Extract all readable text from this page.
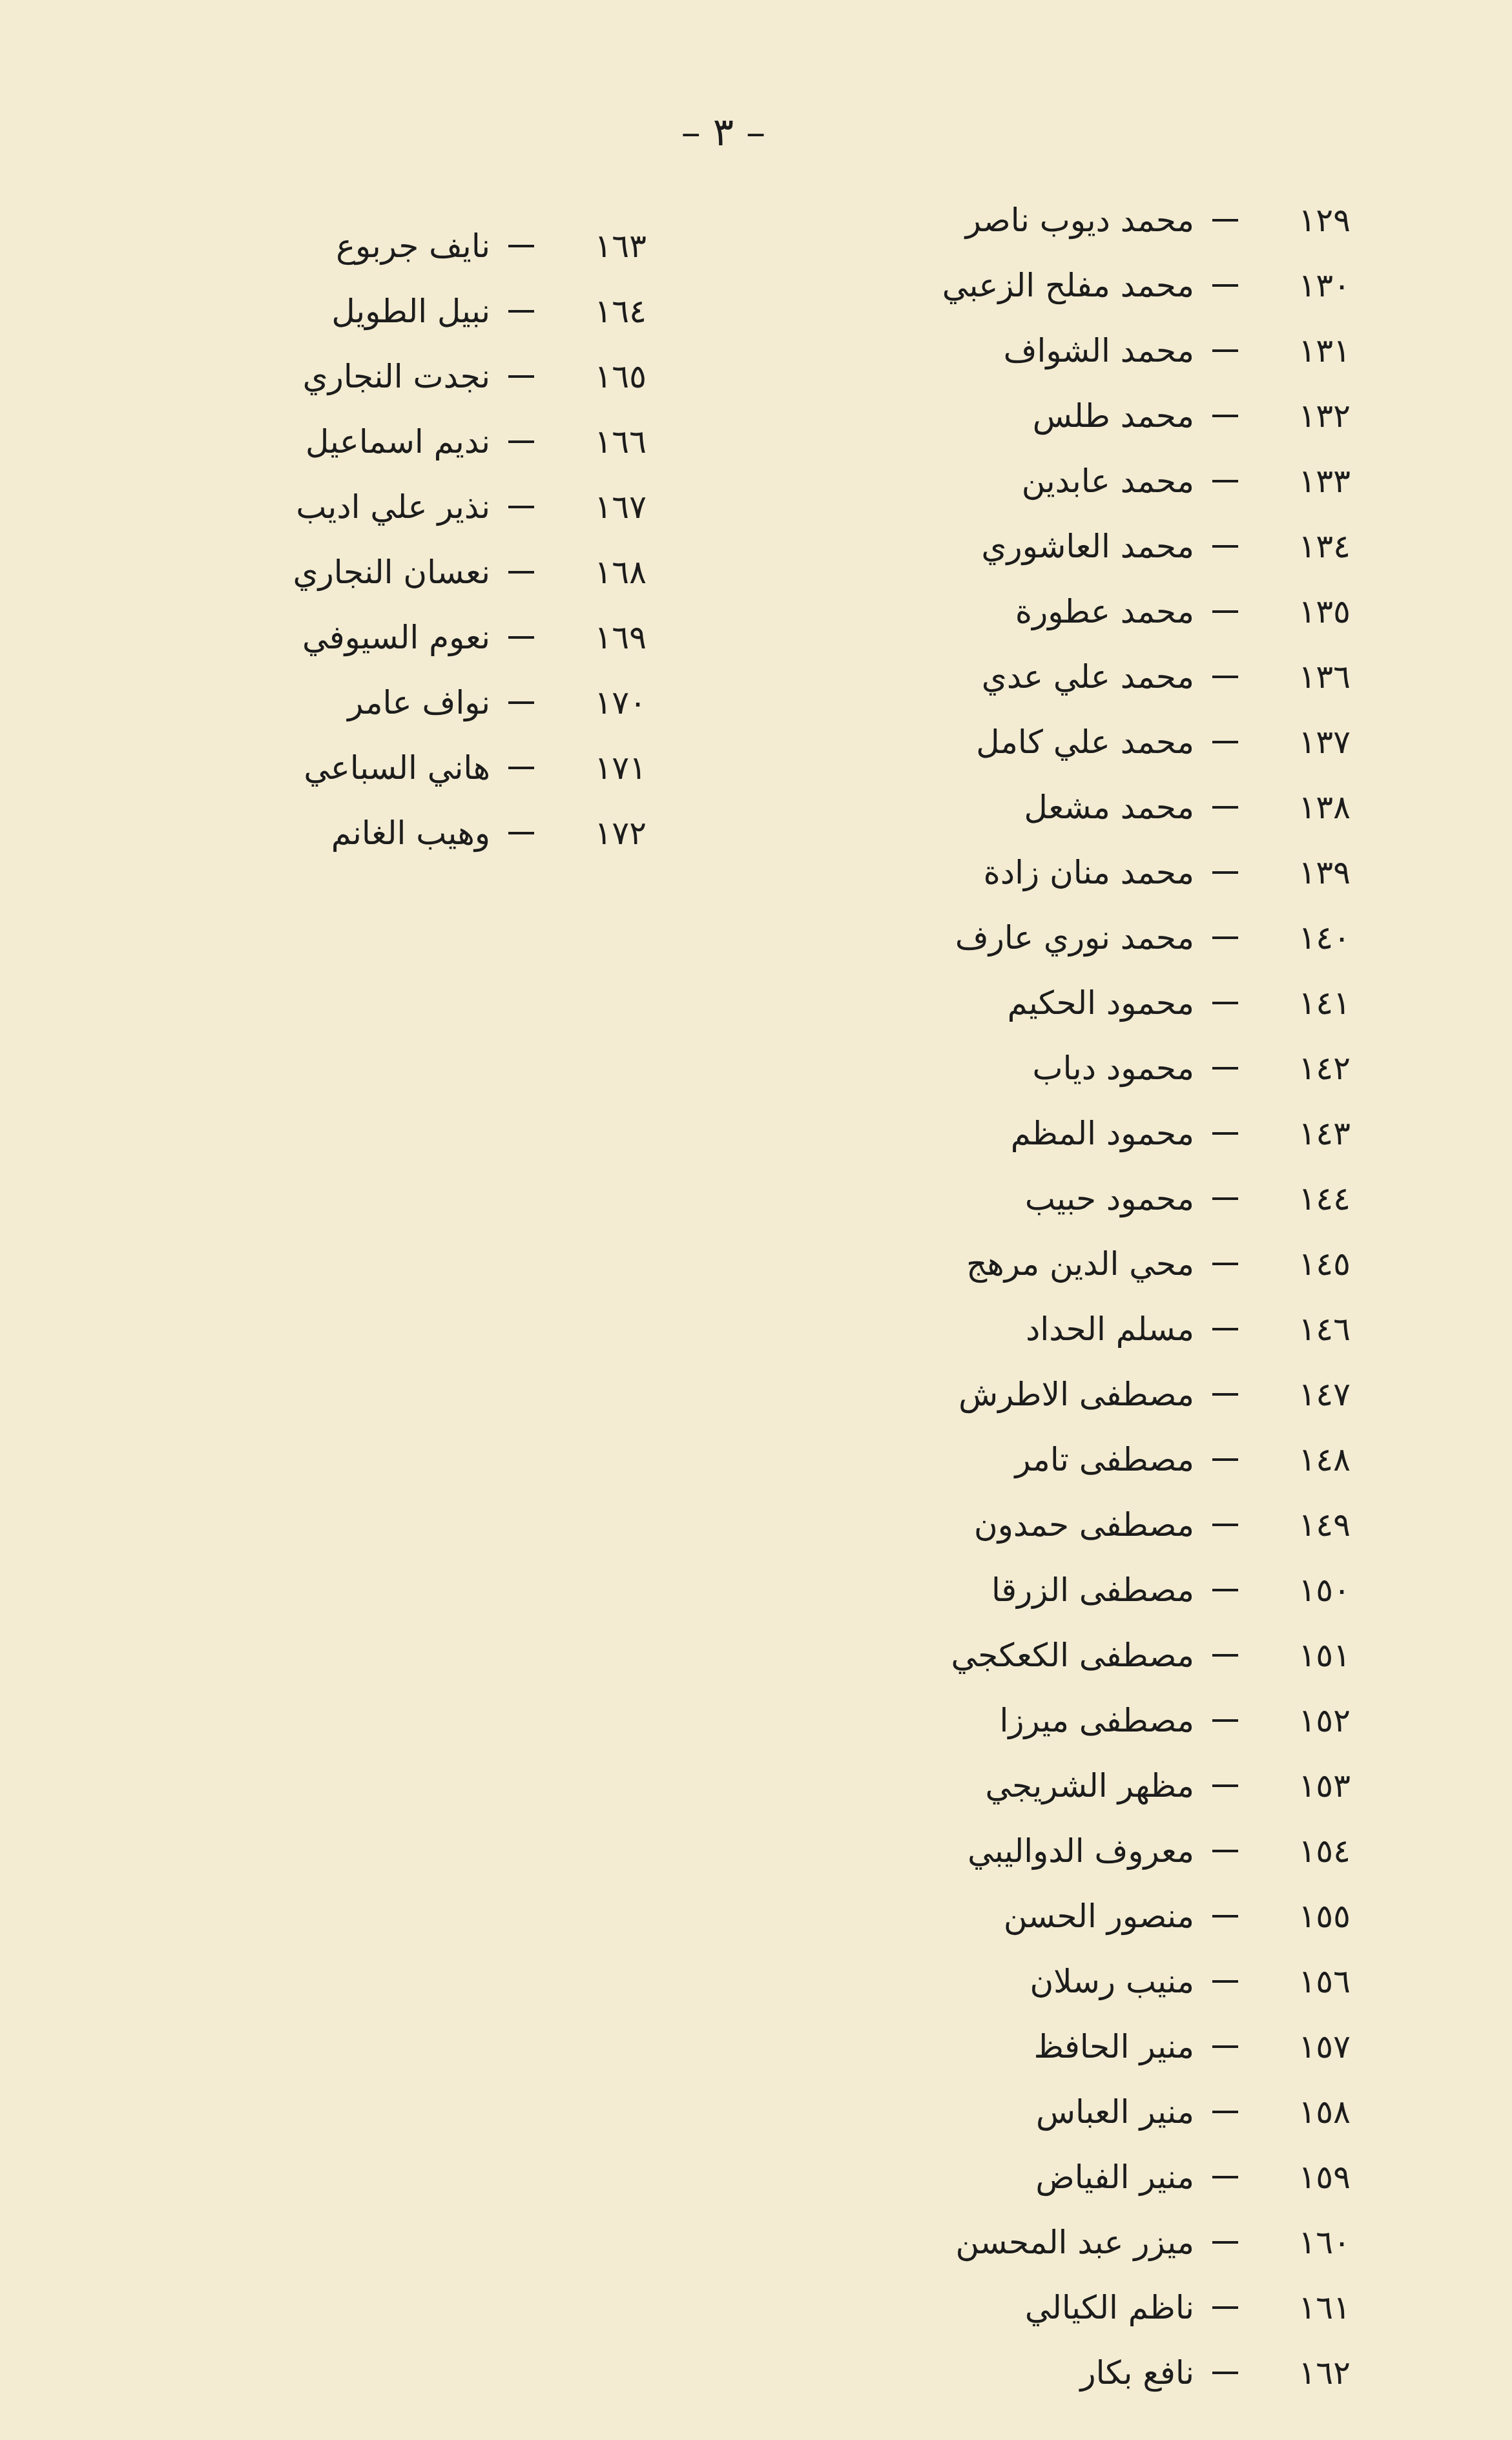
– ٣ –
١٢٩
محمد ديوب ناصر
١٣٠
محمد مفلح الزعبي
١٣١
محمد الشواف
١٣٢
محمد طلس
١٣٣
محمد عابدين
١٣٤
محمد العاشوري
١٣٥
محمد عطورة
١٣٦
محمد علي عدي
١٣٧
محمد علي كامل
١٣٨
محمد مشعل
١٣٩
محمد منان زادة
١٤٠
محمد نوري عارف
١٤١
محمود الحكيم
١٤٢
محمود دياب
١٤٣
محمود المظم
١٤٤
محمود حبيب
١٤٥
محي الدين مرهج
١٤٦
مسلم الحداد
١٤٧
مصطفى الاطرش
١٤٨
مصطفى تامر
١٤٩
مصطفى حمدون
١٥٠
مصطفى الزرقا
١٥١
مصطفى الكعكجي
١٥٢
مصطفى ميرزا
١٥٣
مظهر الشريجي
١٥٤
معروف الدواليبي
١٥٥
منصور الحسن
١٥٦
منيب رسلان
١٥٧
منير الحافظ
١٥٨
منير العباس
١٥٩
منير الفياض
١٦٠
ميزر عبد المحسن
١٦١
ناظم الكيالي
١٦٢
نافع بكار
١٦٣
نايف جربوع
١٦٤
نبيل الطويل
١٦٥
نجدت النجاري
١٦٦
نديم اسماعيل
١٦٧
نذير علي اديب
١٦٨
نعسان النجاري
١٦٩
نعوم السيوفي
١٧٠
نواف عامر
١٧١
هاني السباعي
١٧٢
وهيب الغانم
